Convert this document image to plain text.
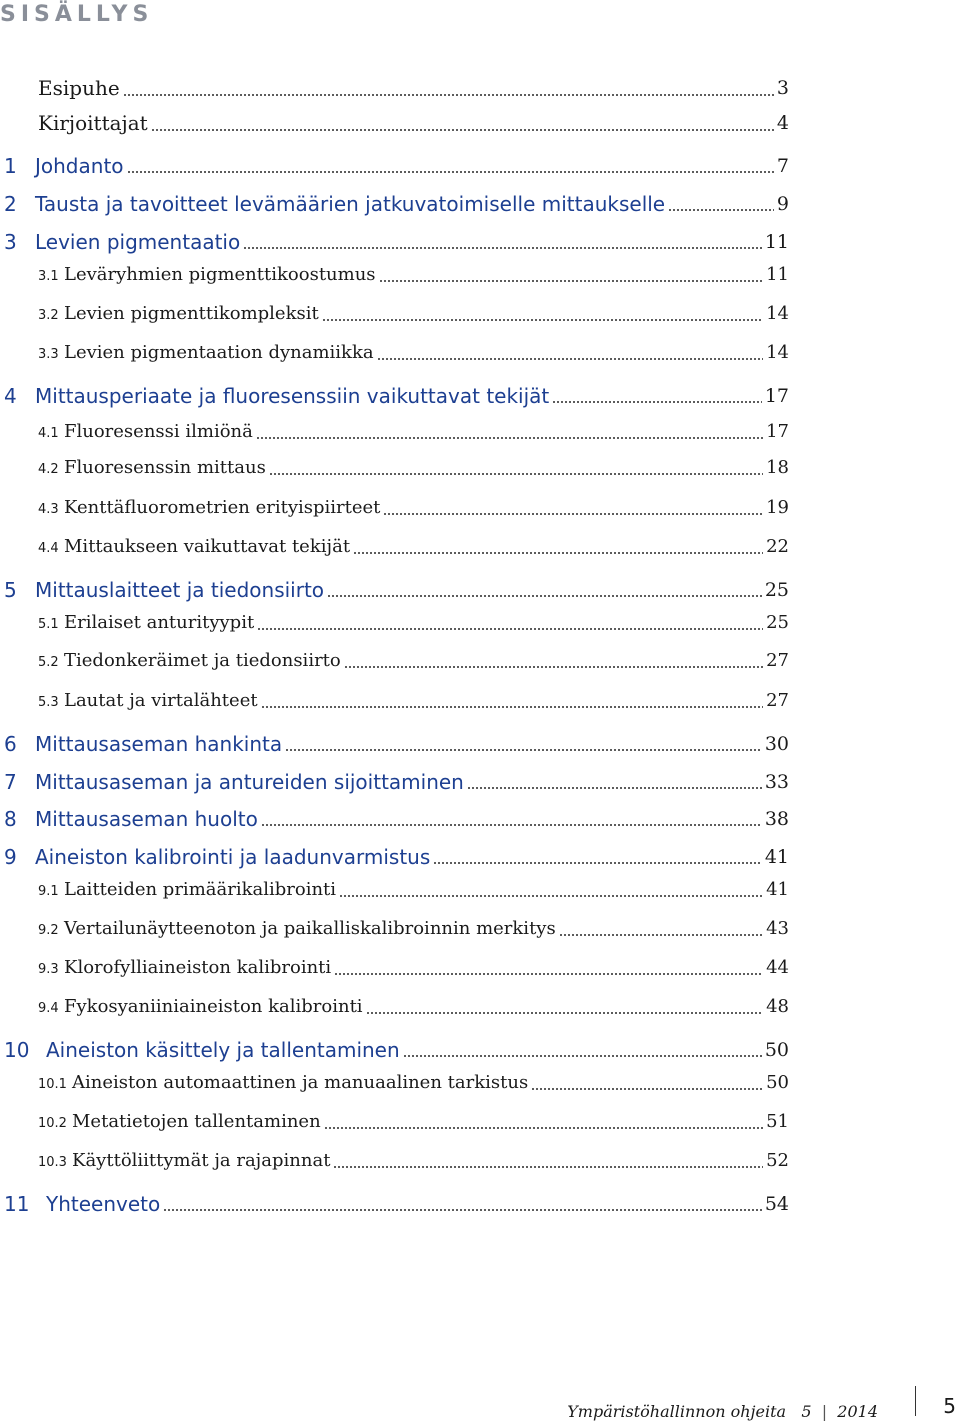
SISÄLLYS
Esipuhe	3
Kirjoittajat	4
1 Johdanto	7
2 Tausta ja tavoitteet levämäärien jatkuvatoimiselle mittaukselle	9
3 Levien pigmentaatio	11
3.1 Leväryhmien pigmenttikoostumus	11
3.2 Levien pigmenttikompleksit	14
3.3 Levien pigmentaation dynamiikka	14
4 Mittausperiaate ja fluoresenssiin vaikuttavat tekijät	17
4.1 Fluoresenssi ilmiönä	17
4.2 Fluoresenssin mittaus	18
4.3 Kenttäfluorometrien erityispiirteet	19
4.4 Mittaukseen vaikuttavat tekijät	22
5 Mittauslaitteet ja tiedonsiirto	25
5.1 Erilaiset anturityypit	25
5.2 Tiedonkeräimet ja tiedonsiirto	27
5.3 Lautat ja virtalähteet	27
6 Mittausaseman hankinta	30
7 Mittausaseman ja antureiden sijoittaminen	33
8 Mittausaseman huolto	38
9 Aineiston kalibrointi ja laadunvarmistus	41
9.1 Laitteiden primäärikalibrointi	41
9.2 Vertailunäytteenoton ja paikalliskalibroinnin merkitys	43
9.3 Klorofylliaineiston kalibrointi	44
9.4 Fykosyaniiniaineiston kalibrointi	48
10 Aineiston käsittely ja tallentaminen	50
10.1 Aineiston automaattinen ja manuaalinen tarkistus	50
10.2 Metatietojen tallentaminen	51
10.3 Käyttöliittymät ja rajapinnat	52
11 Yhteenveto	54
Ympäristöhallinnon ohjeita 5  |  2014	5
